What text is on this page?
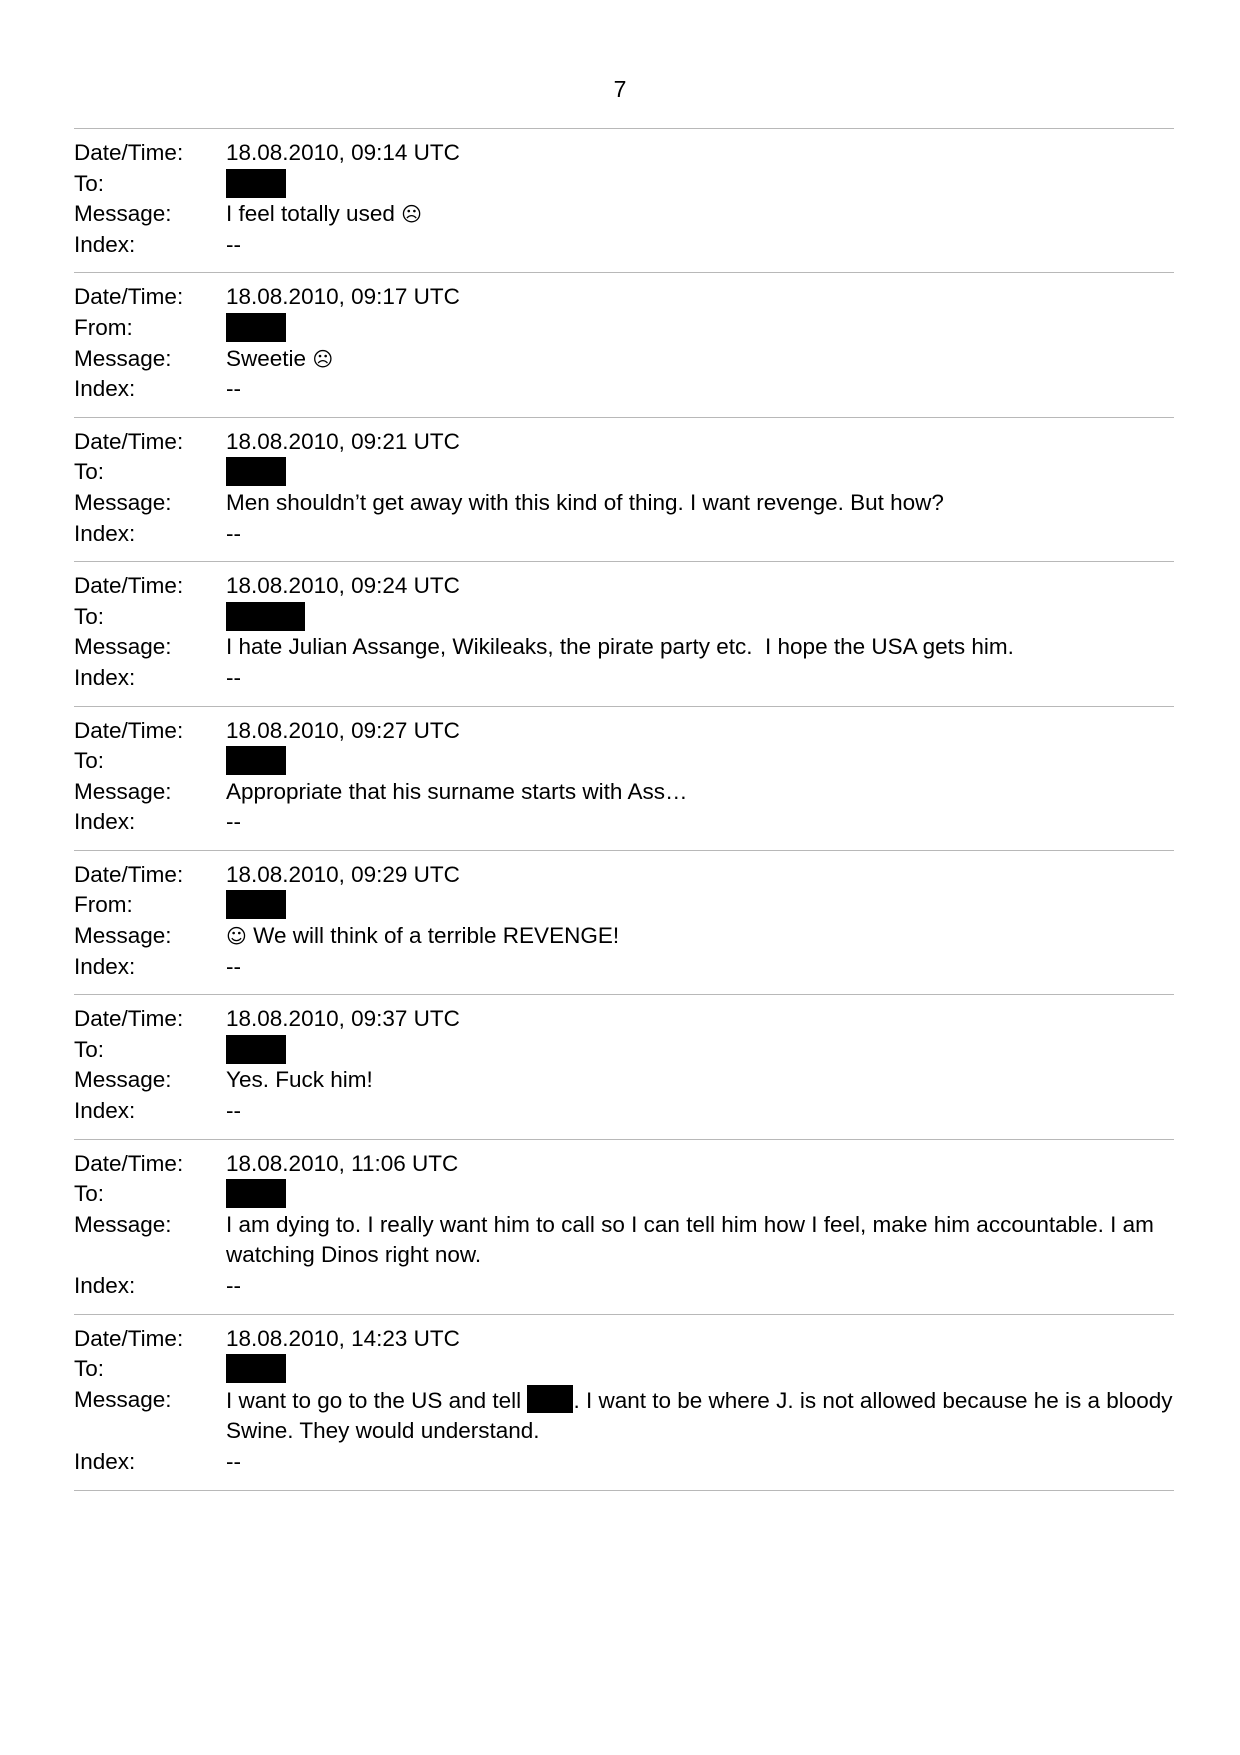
7
Date/Time:	18.08.2010, 09:14 UTC
To:
Message:	I feel totally used ☹
Index:	--
Date/Time:	18.08.2010, 09:17 UTC
From:
Message:	Sweetie ☹
Index:	--
Date/Time:	18.08.2010, 09:21 UTC
To:
Message:	Men shouldn’t get away with this kind of thing. I want revenge. But how?
Index:	--
Date/Time:	18.08.2010, 09:24 UTC
To:
Message:	I hate Julian Assange, Wikileaks, the pirate party etc.  I hope the USA gets him.
Index:	--
Date/Time:	18.08.2010, 09:27 UTC
To:
Message:	Appropriate that his surname starts with Ass…
Index:	--
Date/Time:	18.08.2010, 09:29 UTC
From:
Message:	☺ We will think of a terrible REVENGE!
Index:	--
Date/Time:	18.08.2010, 09:37 UTC
To:
Message:	Yes. Fuck him!
Index:	--
Date/Time:	18.08.2010, 11:06 UTC
To:
Message:	I am dying to. I really want him to call so I can tell him how I feel, make him accountable. I am watching Dinos right now.
Index:	--
Date/Time:	18.08.2010, 14:23 UTC
To:
Message:	I want to go to the US and tell . I want to be where J. is not allowed because he is a bloody Swine. They would understand.
Index:	--
